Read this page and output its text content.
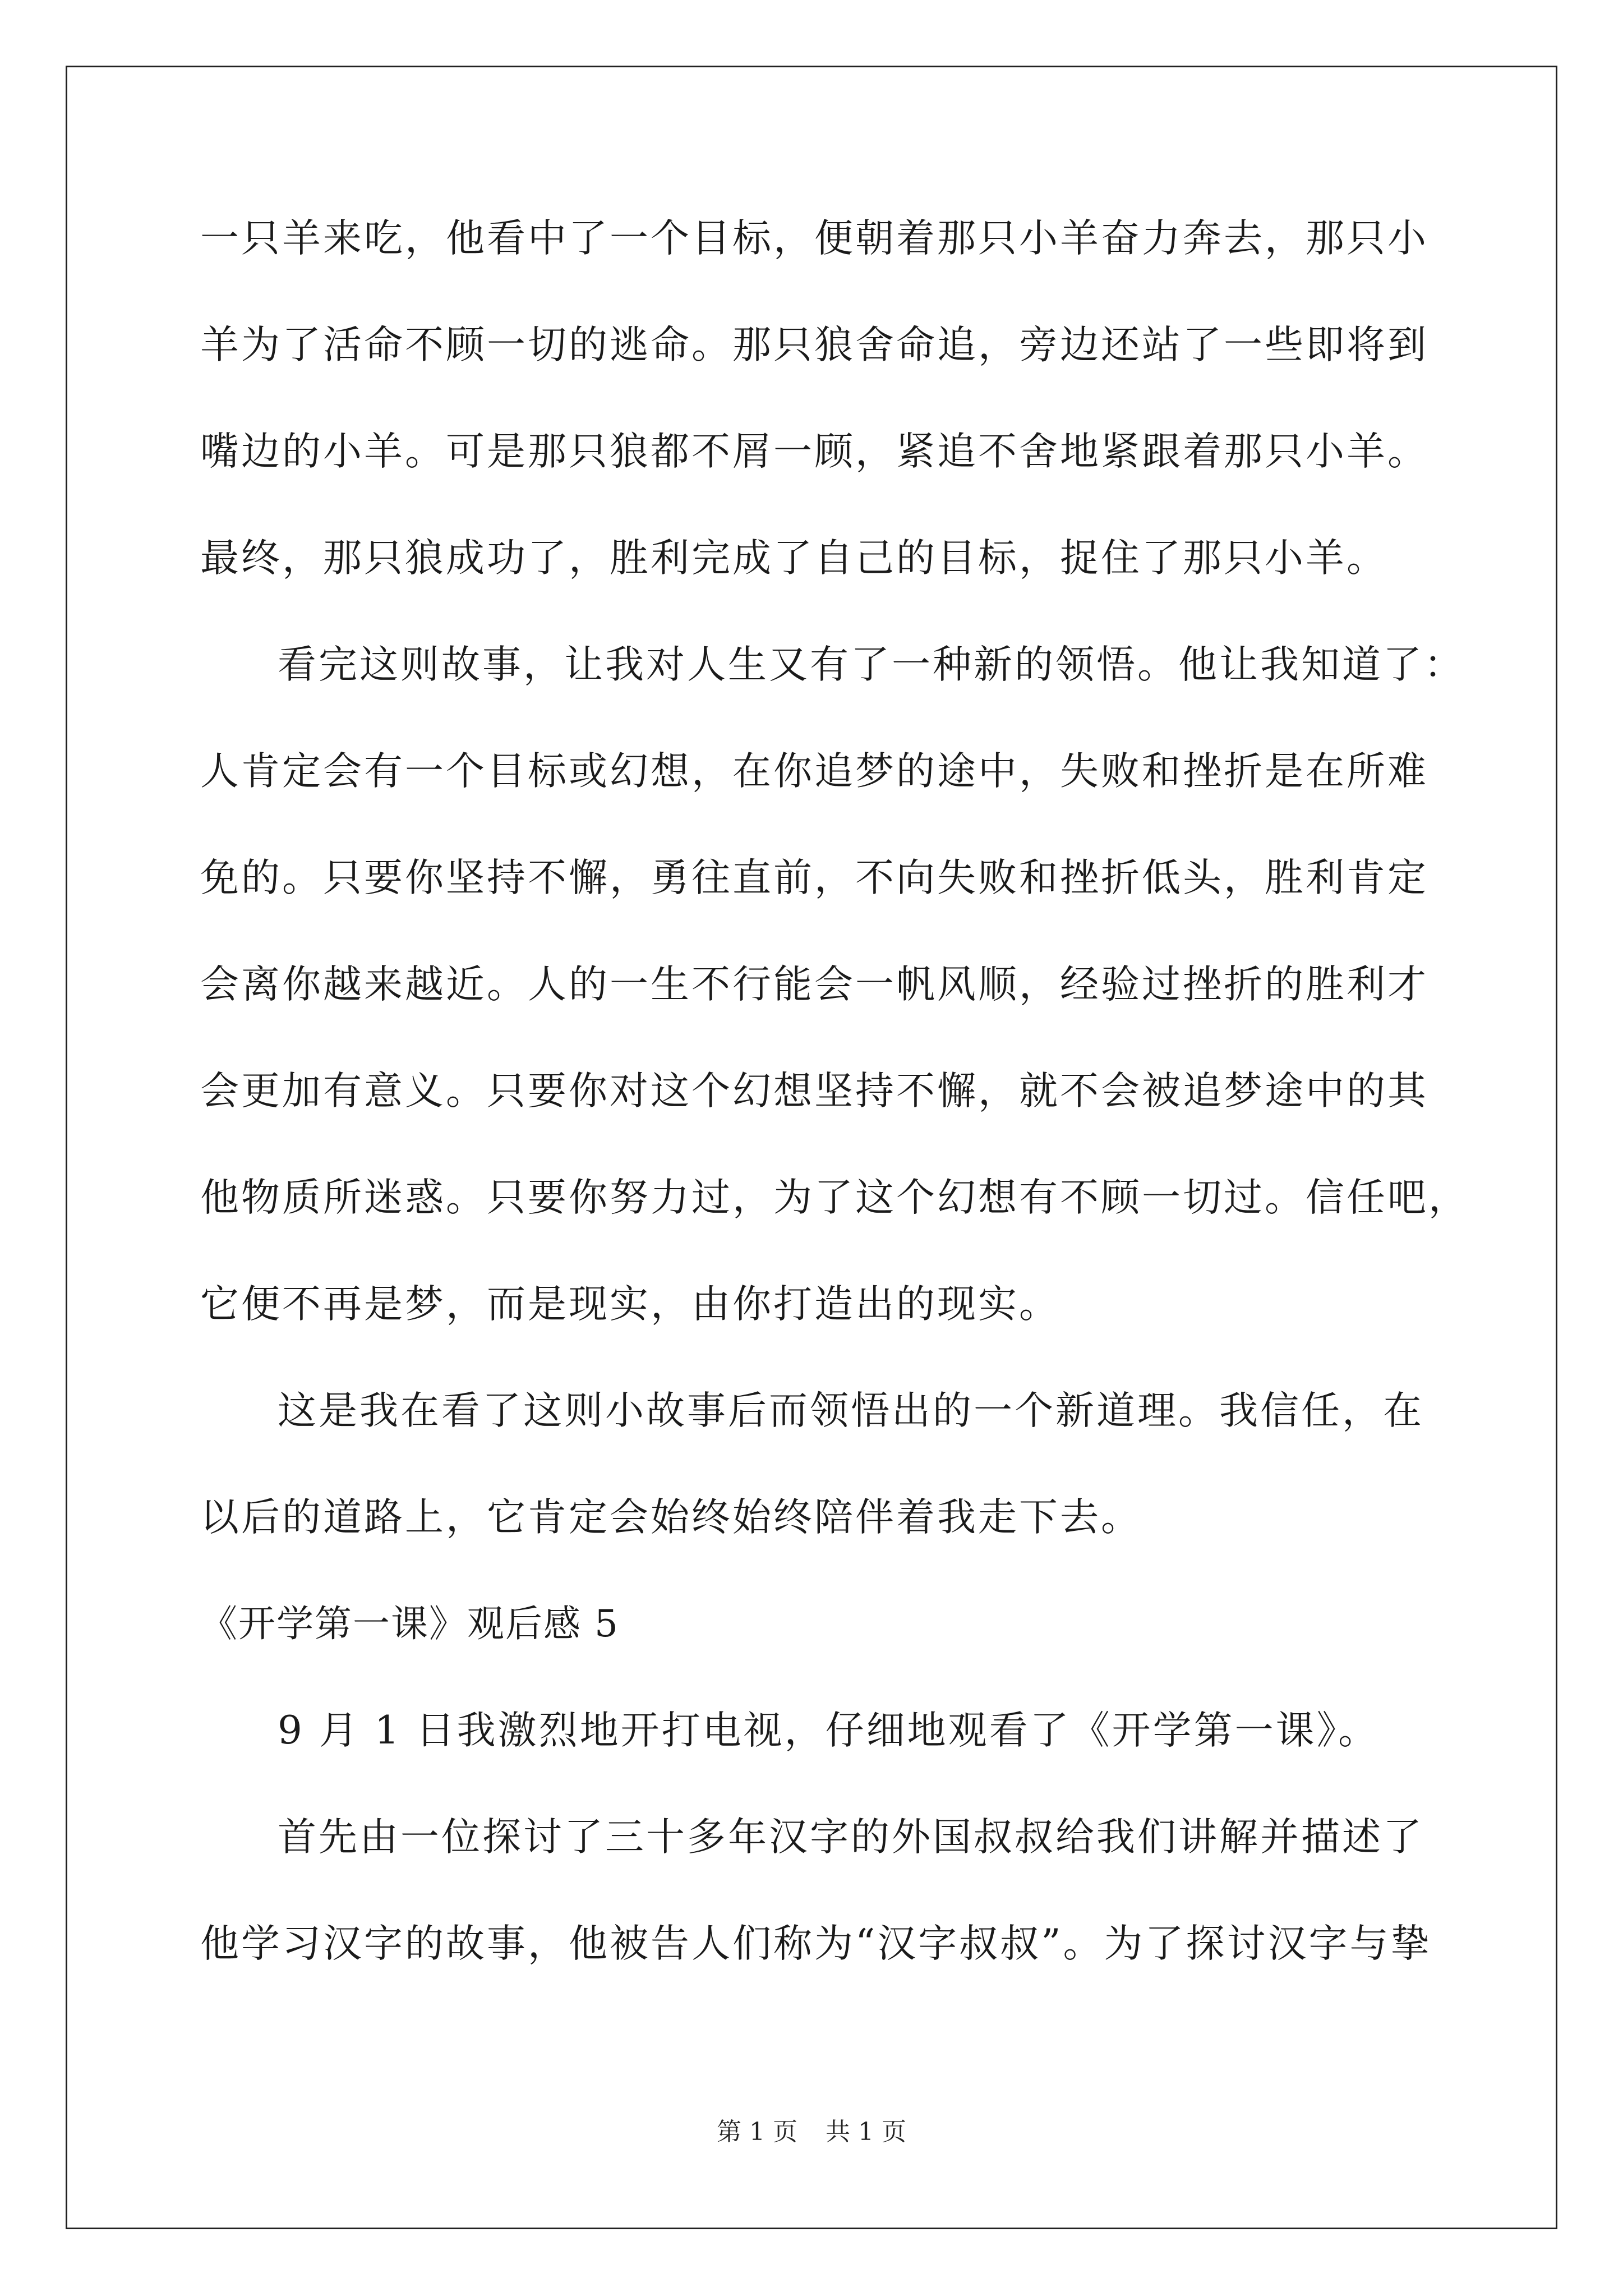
一只羊来吃，他看中了一个目标，便朝着那只小羊奋力奔去，那只小
羊为了活命不顾一切的逃命。那只狼舍命追，旁边还站了一些即将到
嘴边的小羊。可是那只狼都不屑一顾，紧追不舍地紧跟着那只小羊。
最终，那只狼成功了，胜利完成了自己的目标，捉住了那只小羊。
看完这则故事，让我对人生又有了一种新的领悟。他让我知道了：
人肯定会有一个目标或幻想，在你追梦的途中，失败和挫折是在所难
免的。只要你坚持不懈，勇往直前，不向失败和挫折低头，胜利肯定
会离你越来越近。人的一生不行能会一帆风顺，经验过挫折的胜利才
会更加有意义。只要你对这个幻想坚持不懈，就不会被追梦途中的其
他物质所迷惑。只要你努力过，为了这个幻想有不顾一切过。信任吧，
它便不再是梦，而是现实，由你打造出的现实。
这是我在看了这则小故事后而领悟出的一个新道理。我信任，在
以后的道路上，它肯定会始终始终陪伴着我走下去。
《开学第一课》观后感 5
9 月 1 日我激烈地开打电视，仔细地观看了《开学第一课》。
首先由一位探讨了三十多年汉字的外国叔叔给我们讲解并描述了
他学习汉字的故事，他被告人们称为“汉字叔叔”。为了探讨汉字与挚
第 1 页 共 1 页
